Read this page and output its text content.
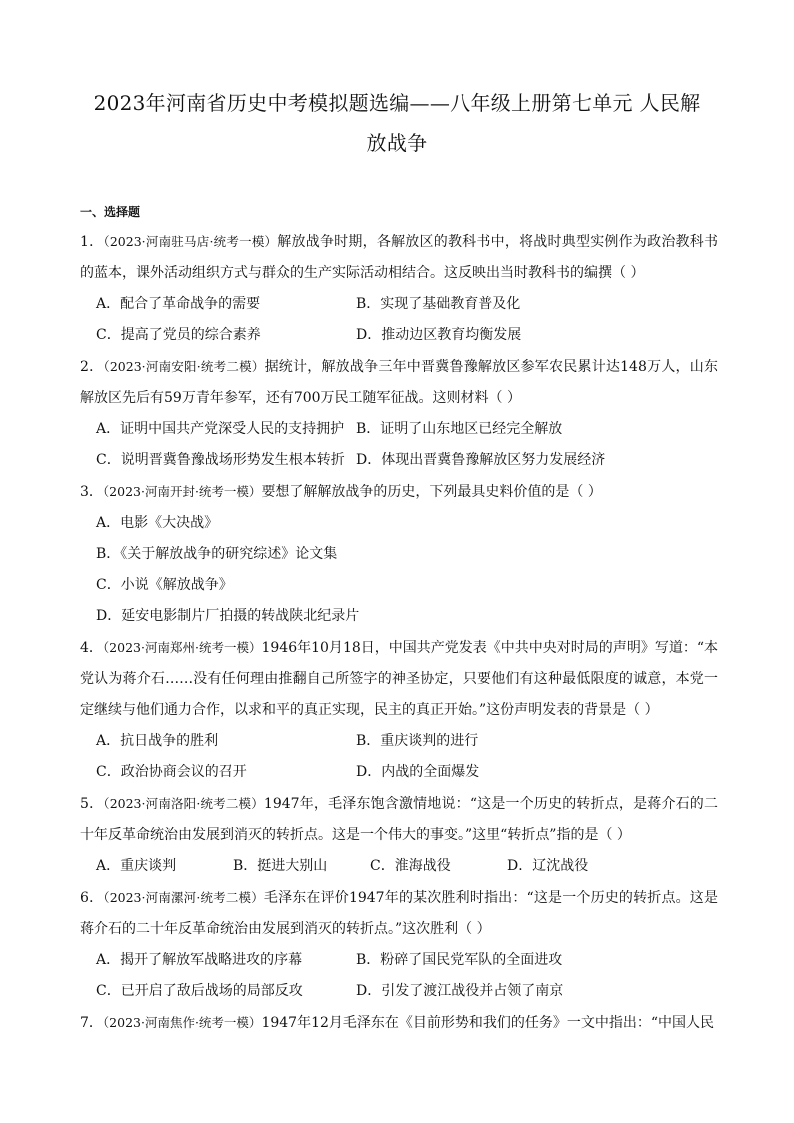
2023年河南省历史中考模拟题选编——八年级上册第七单元 人民解
放战争
一、选择题
1．（2023·河南驻马店·统考一模）解放战争时期，各解放区的教科书中，将战时典型实例作为政治教科书的蓝本，课外活动组织方式与群众的生产实际活动相结合。这反映出当时教科书的编撰（ ）
A．配合了革命战争的需要	B．实现了基础教育普及化
C．提高了党员的综合素养	D．推动边区教育均衡发展
2．（2023·河南安阳·统考二模）据统计，解放战争三年中晋冀鲁豫解放区参军农民累计达148万人，山东解放区先后有59万青年参军，还有700万民工随军征战。这则材料（ ）
A．证明中国共产党深受人民的支持拥护 B．证明了山东地区已经完全解放
C．说明晋冀鲁豫战场形势发生根本转折 D．体现出晋冀鲁豫解放区努力发展经济
3．（2023·河南开封·统考一模）要想了解解放战争的历史，下列最具史料价值的是（ ）
A．电影《大决战》
B．《关于解放战争的研究综述》论文集
C．小说《解放战争》
D．延安电影制片厂拍摄的转战陕北纪录片
4．（2023·河南郑州·统考一模）1946年10月18日，中国共产党发表《中共中央对时局的声明》写道：“本党认为蒋介石……没有任何理由推翻自己所签字的神圣协定，只要他们有这种最低限度的诚意，本党一定继续与他们通力合作，以求和平的真正实现，民主的真正开始。”这份声明发表的背景是（ ）
A．抗日战争的胜利	B．重庆谈判的进行
C．政治协商会议的召开	D．内战的全面爆发
5．（2023·河南洛阳·统考二模）1947年，毛泽东饱含激情地说：“这是一个历史的转折点，是蒋介石的二十年反革命统治由发展到消灭的转折点。这是一个伟大的事变。”这里“转折点”指的是（ ）
A．重庆谈判	B．挺进大别山	C．淮海战役	D．辽沈战役
6．（2023·河南漯河·统考二模）毛泽东在评价1947年的某次胜利时指出：“这是一个历史的转折点。这是蒋介石的二十年反革命统治由发展到消灭的转折点。”这次胜利（ ）
A．揭开了解放军战略进攻的序幕	B．粉碎了国民党军队的全面进攻
C．已开启了敌后战场的局部反攻	D．引发了渡江战役并占领了南京
7．（2023·河南焦作·统考一模）1947年12月毛泽东在《目前形势和我们的任务》一文中指出：“中国人民
